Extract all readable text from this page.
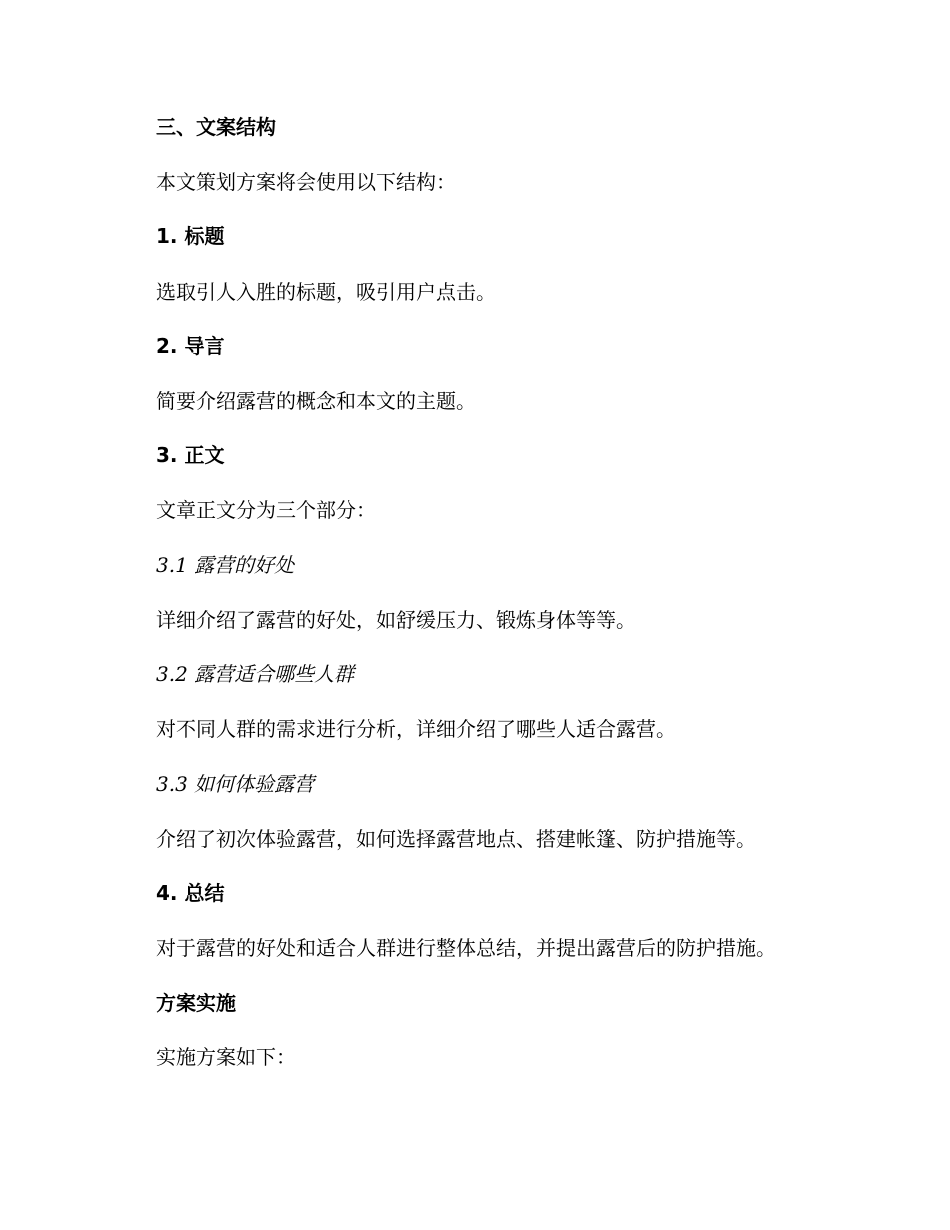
三、文案结构
本文策划方案将会使用以下结构：
1. 标题
选取引人入胜的标题，吸引用户点击。
2. 导言
简要介绍露营的概念和本文的主题。
3. 正文
文章正文分为三个部分：
3.1 露营的好处
详细介绍了露营的好处，如舒缓压力、锻炼身体等等。
3.2 露营适合哪些人群
对不同人群的需求进行分析，详细介绍了哪些人适合露营。
3.3 如何体验露营
介绍了初次体验露营，如何选择露营地点、搭建帐篷、防护措施等。
4. 总结
对于露营的好处和适合人群进行整体总结，并提出露营后的防护措施。
方案实施
实施方案如下：
